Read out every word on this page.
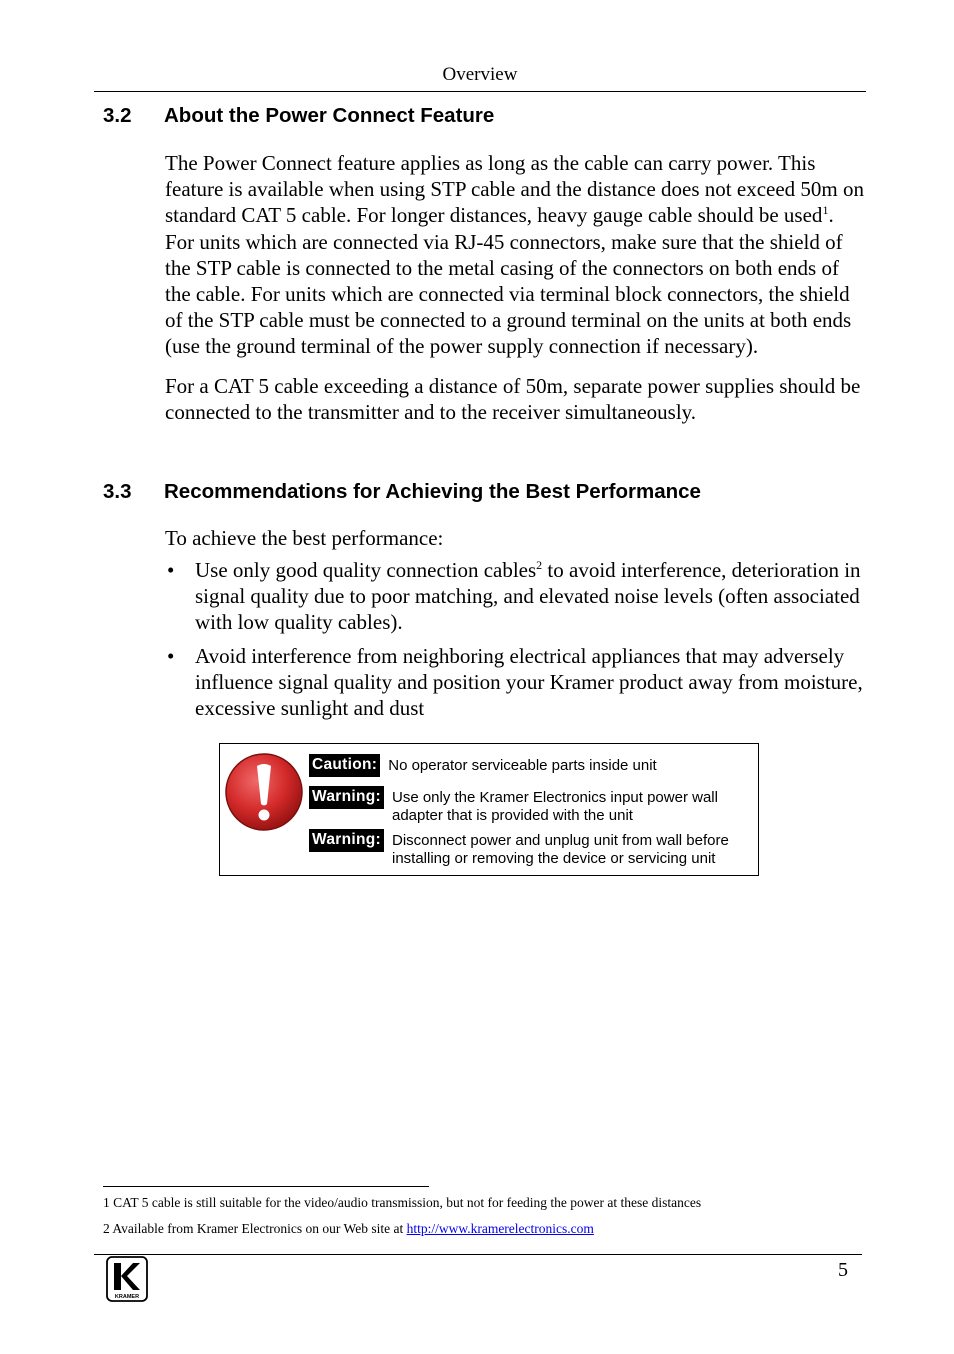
Overview
3.2	About the Power Connect Feature

The Power Connect feature applies as long as the cable can carry power. This feature is available when using STP cable and the distance does not exceed 50m on standard CAT 5 cable. For longer distances, heavy gauge cable should be used$^1$. For units which are connected via RJ-45 connectors, make sure that the shield of the STP cable is connected to the metal casing of the connectors on both ends of the cable. For units which are connected via terminal block connectors, the shield of the STP cable must be connected to a ground terminal on the units at both ends (use the ground terminal of the power supply connection if necessary).

For a CAT 5 cable exceeding a distance of 50m, separate power supplies should be connected to the transmitter and to the receiver simultaneously.

3.3	Recommendations for Achieving the Best Performance
To achieve the best performance:
• Use only good quality connection cables$^2$ to avoid interference, deterioration in signal quality due to poor matching, and elevated noise levels (often associated with low quality cables).
• Avoid interference from neighboring electrical appliances that may adversely influence signal quality and position your Kramer product away from moisture, excessive sunlight and dust
Caution: No operator serviceable parts inside unit
Warning: Use only the Kramer Electronics input power wall
adapter that is provided with the unit
Warning: Disconnect power and unplug unit from wall before
installing or removing the device or servicing unit
1 CAT 5 cable is still suitable for the video/audio transmission, but not for feeding the power at these distances
2 Available from Kramer Electronics on our Web site at http://www.kramerelectronics.com
KRAMER
5
